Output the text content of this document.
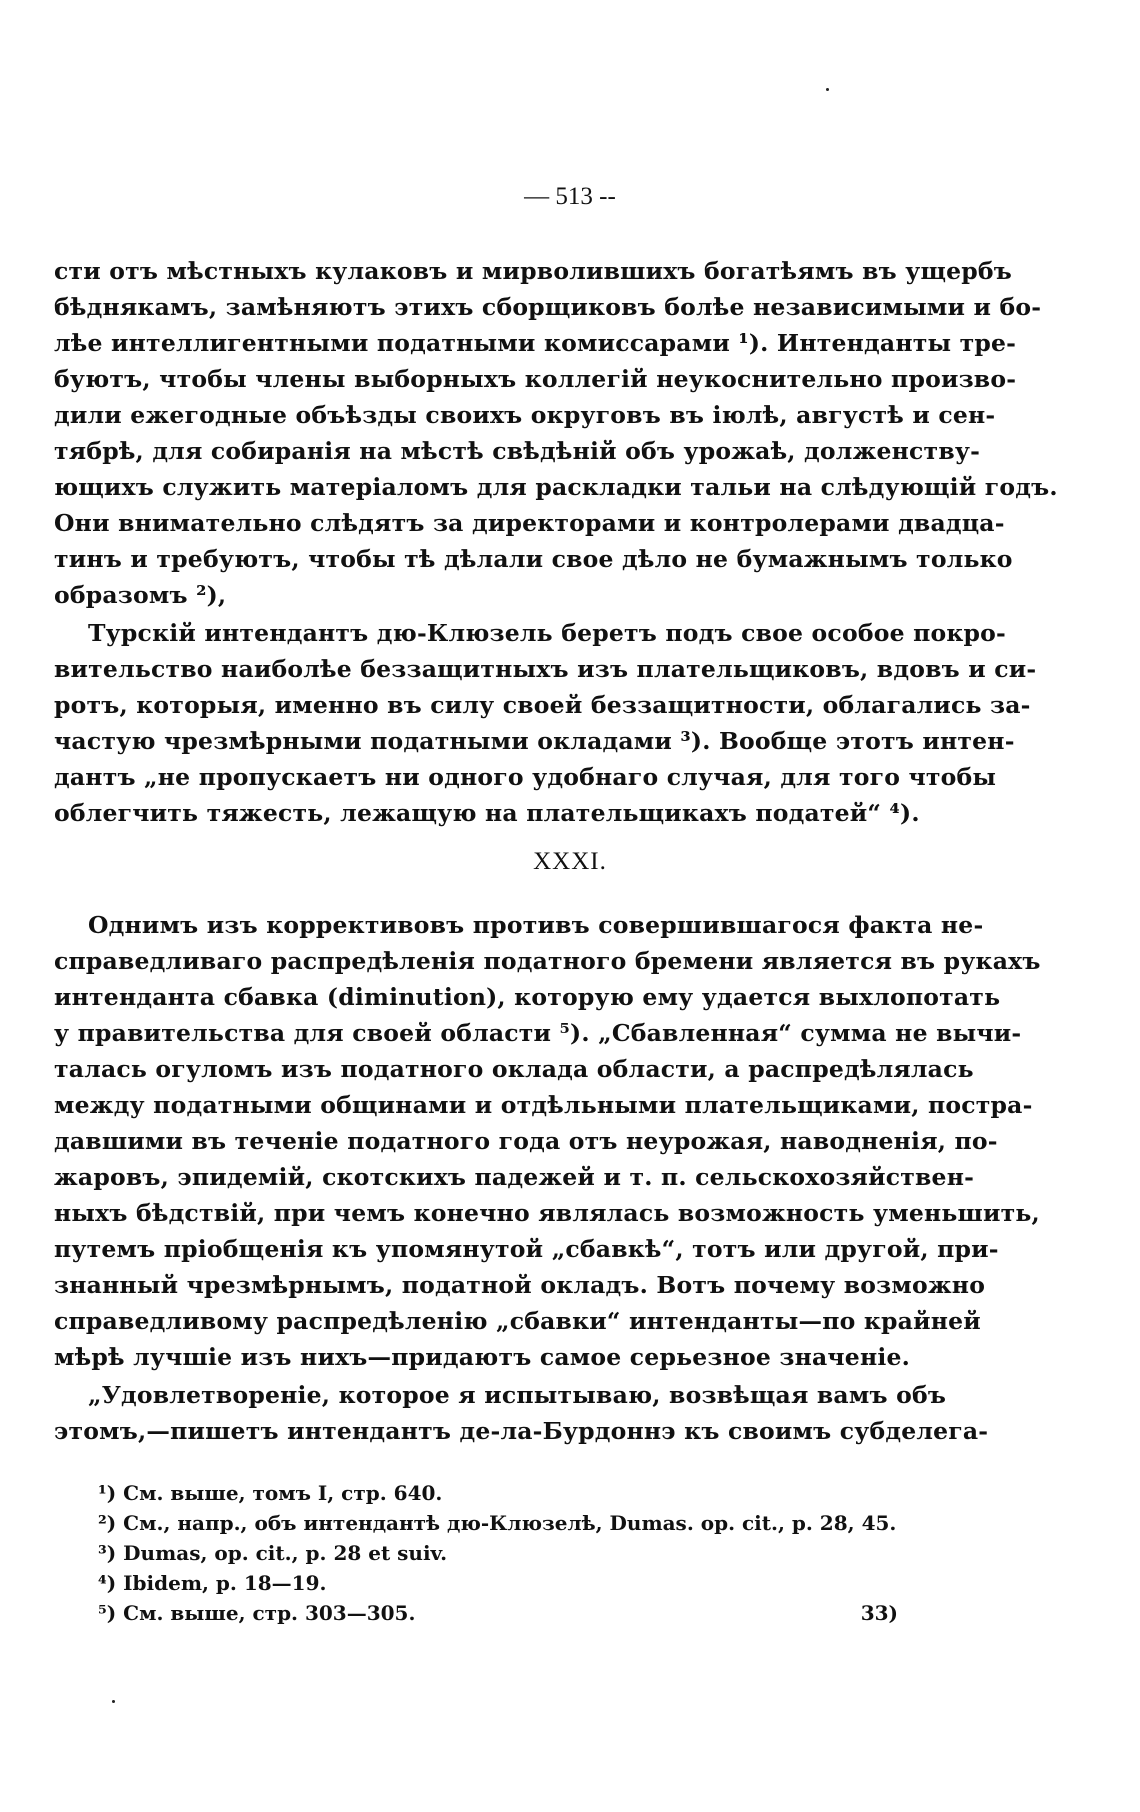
— 513 --
сти отъ мѣстныхъ кулаковъ и мирволившихъ богатѣямъ въ ущербъ
бѣднякамъ, замѣняютъ этихъ сборщиковъ болѣе независимыми и бо-
лѣе интеллигентными податными комиссарами ¹). Интенданты тре-
буютъ, чтобы члены выборныхъ коллегій неукоснительно произво-
дили ежегодные объѣзды своихъ округовъ въ іюлѣ, августѣ и сен-
тябрѣ, для собиранія на мѣстѣ свѣдѣній объ урожаѣ, долженству-
ющихъ служить матеріаломъ для раскладки тальи на слѣдующій годъ.
Они внимательно слѣдятъ за директорами и контролерами двадца-
тинъ и требуютъ, чтобы тѣ дѣлали свое дѣло не бумажнымъ только
образомъ ²),
Турскій интендантъ дю-Клюзель беретъ подъ свое особое покро-
вительство наиболѣе беззащитныхъ изъ плательщиковъ, вдовъ и си-
ротъ, которыя, именно въ силу своей беззащитности, облагались за-
частую чрезмѣрными податными окладами ³). Вообще этотъ интен-
дантъ „не пропускаетъ ни одного удобнаго случая, для того чтобы
облегчить тяжесть, лежащую на плательщикахъ податей“ ⁴).
XXXI.
Однимъ изъ коррективовъ противъ совершившагося факта не-
справедливаго распредѣленія податного бремени является въ рукахъ
интенданта сбавка (diminution), которую ему удается выхлопотать
у правительства для своей области ⁵). „Сбавленная“ сумма не вычи-
талась огуломъ изъ податного оклада области, а распредѣлялась
между податными общинами и отдѣльными плательщиками, постра-
давшими въ теченіе податного года отъ неурожая, наводненія, по-
жаровъ, эпидемій, скотскихъ падежей и т. п. сельскохозяйствен-
ныхъ бѣдствій, при чемъ конечно являлась возможность уменьшить,
путемъ пріобщенія къ упомянутой „сбавкѣ“, тотъ или другой, при-
знанный чрезмѣрнымъ, податной окладъ. Вотъ почему возможно
справедливому распредѣленію „сбавки“ интенданты—по крайней
мѣрѣ лучшіе изъ нихъ—придаютъ самое серьезное значеніе.
„Удовлетвореніе, которое я испытываю, возвѣщая вамъ объ
этомъ,—пишетъ интендантъ де-ла-Бурдоннэ къ своимъ субделега-
¹) См. выше, томъ I, стр. 640.
²) См., напр., объ интендантѣ дю-Клюзелѣ, Dumas. op. cit., p. 28, 45.
³) Dumas, op. cit., p. 28 et suiv.
⁴) Ibidem, p. 18—19.
⁵) См. выше, стр. 303—305.	33)
